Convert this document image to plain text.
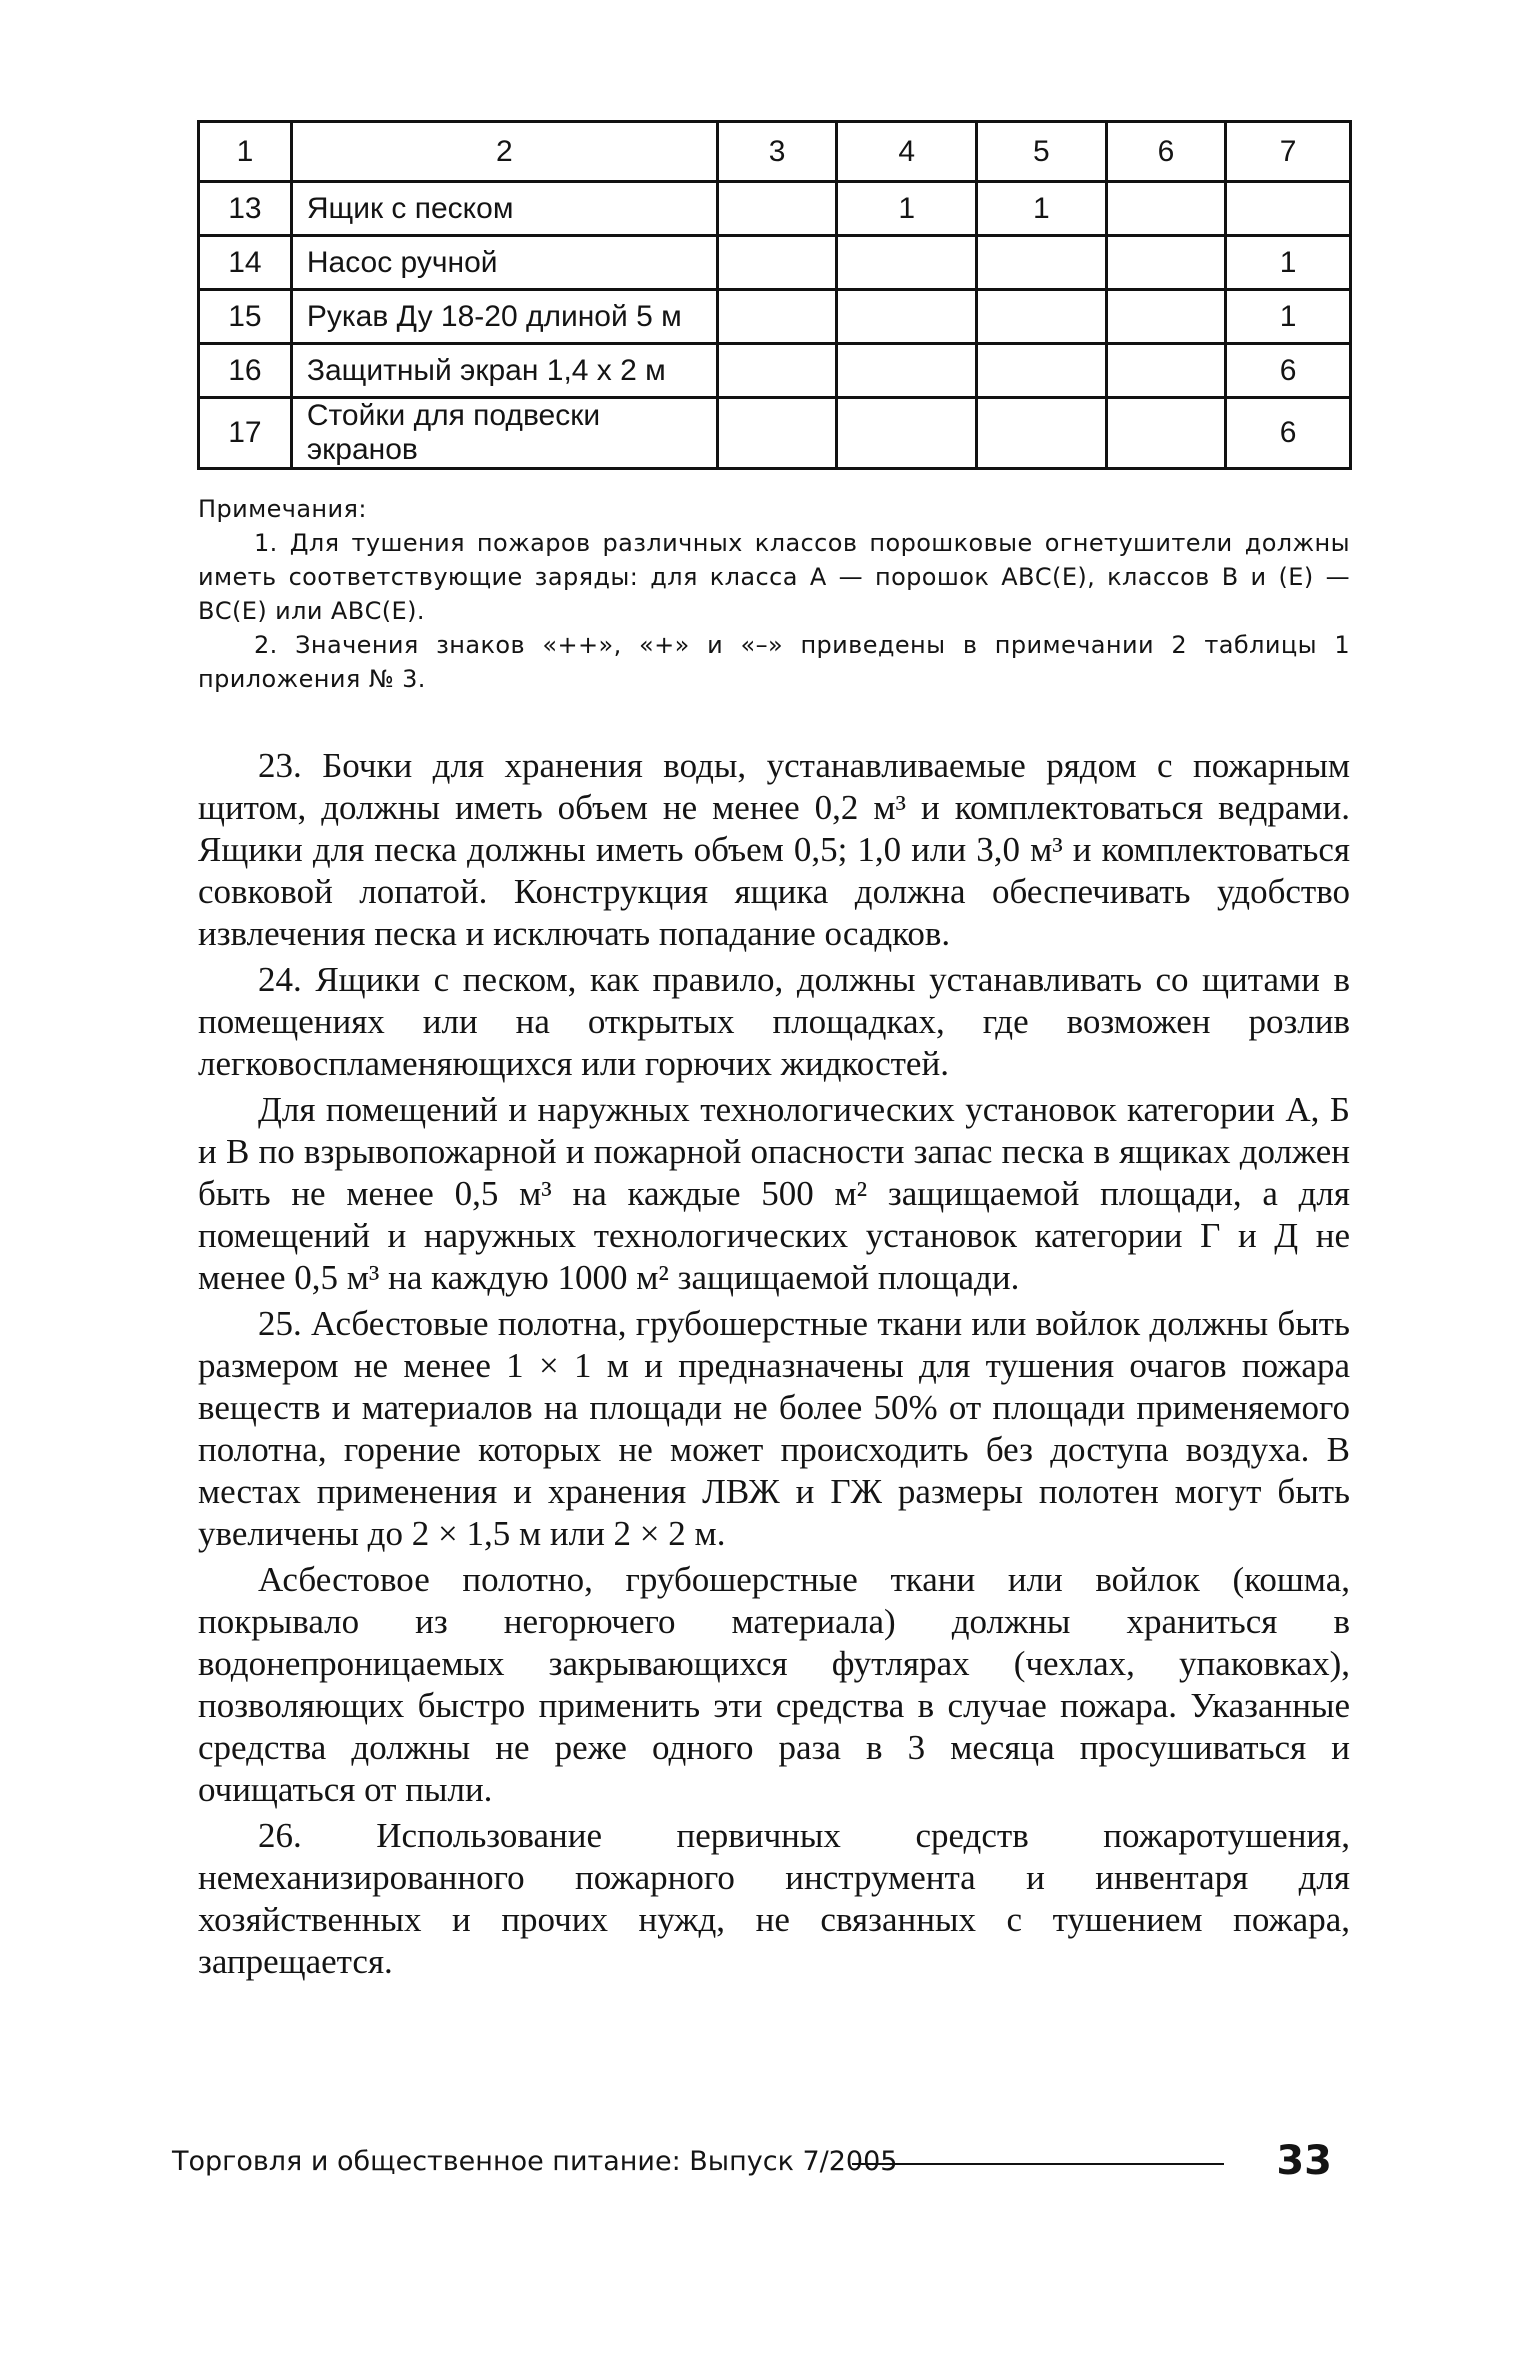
1	2	3	4	5	6	7
13	Ящик с песком		1	1		
14	Насос ручной					1
15	Рукав Ду 18-20 длиной 5 м					1
16	Защитный экран 1,4 х 2 м					6
17	Стойки для подвески экранов					6

Примечания:

1. Для тушения пожаров различных классов порошковые огнетушители должны иметь соответствующие заряды: для класса А — порошок АВС(Е), классов В и (Е) — ВС(Е) или АВС(Е).

2. Значения знаков «++», «+» и «–» приведены в примечании 2 таблицы 1 приложения № 3.

23. Бочки для хранения воды, устанавливаемые рядом с пожарным щитом, должны иметь объем не менее 0,2 м³ и комплектоваться ведрами. Ящики для песка должны иметь объем 0,5; 1,0 или 3,0 м³ и комплектоваться совковой лопатой. Конструкция ящика должна обеспечивать удобство извлечения песка и исключать попадание осадков.

24. Ящики с песком, как правило, должны устанавливать со щитами в помещениях или на открытых площадках, где возможен розлив легковоспламеняющихся или горючих жидкостей.

Для помещений и наружных технологических установок категории А, Б и В по взрывопожарной и пожарной опасности запас песка в ящиках должен быть не менее 0,5 м³ на каждые 500 м² защищаемой площади, а для помещений и наружных технологических установок категории Г и Д не менее 0,5 м³ на каждую 1000 м² защищаемой площади.

25. Асбестовые полотна, грубошерстные ткани или войлок должны быть размером не менее 1 × 1 м и предназначены для тушения очагов пожара веществ и материалов на площади не более 50% от площади применяемого полотна, горение которых не может происходить без доступа воздуха. В местах применения и хранения ЛВЖ и ГЖ размеры полотен могут быть увеличены до 2 × 1,5 м или 2 × 2 м.

Асбестовое полотно, грубошерстные ткани или войлок (кошма, покрывало из негорючего материала) должны храниться в водонепроницаемых закрывающихся футлярах (чехлах, упаковках), позволяющих быстро применить эти средства в случае пожара. Указанные средства должны не реже одного раза в 3 месяца просушиваться и очищаться от пыли.

26. Использование первичных средств пожаротушения, немеханизированного пожарного инструмента и инвентаря для хозяйственных и прочих нужд, не связанных с тушением пожара, запрещается.

Торговля и общественное питание: Выпуск 7/2005	33
